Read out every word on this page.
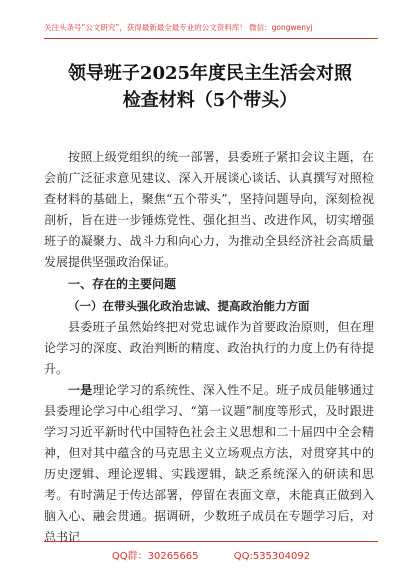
关注头条号“公文研究”，获得最新最全最专业的公文资料库！ 微信：gongwenyj
领导班子2025年度民主生活会对照
检查材料（5个带头）

按照上级党组织的统一部署，县委班子紧扣会议主题，在会前广泛征求意见建议、深入开展谈心谈话、认真撰写对照检查材料的基础上，聚焦“五个带头”，坚持问题导向，深刻检视剖析，旨在进一步锤炼党性、强化担当、改进作风，切实增强班子的凝聚力、战斗力和向心力，为推动全县经济社会高质量发展提供坚强政治保证。

一、存在的主要问题
（一）在带头强化政治忠诚、提高政治能力方面

县委班子虽然始终把对党忠诚作为首要政治原则，但在理论学习的深度、政治判断的精度、政治执行的力度上仍有待提升。

一是理论学习的系统性、深入性不足。班子成员能够通过县委理论学习中心组学习、“第一议题”制度等形式，及时跟进学习习近平新时代中国特色社会主义思想和二十届四中全会精神，但对其中蕴含的马克思主义立场观点方法，对贯穿其中的历史逻辑、理论逻辑、实践逻辑，缺乏系统深入的研读和思考。有时满足于传达部署，停留在表面文章，未能真正做到入脑入心、融会贯通。据调研，少数班子成员在专题学习后，对总书记

QQ群：30265665	QQ:535304092
